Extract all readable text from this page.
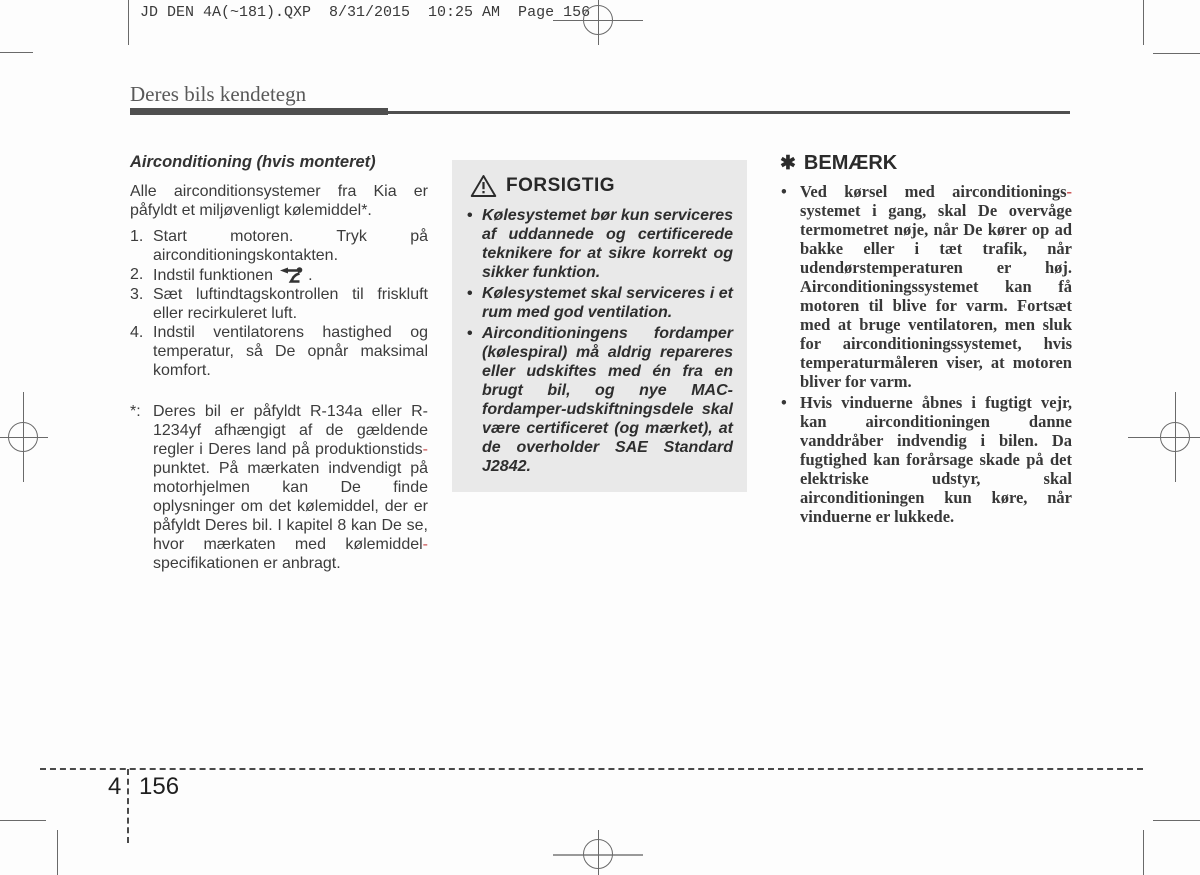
JD DEN 4A(~181).QXP  8/31/2015  10:25 AM  Page 156
Deres bils kendetegn
Airconditioning (hvis monteret)

Alle airconditionsystemer fra Kia er påfyldt et miljøvenligt kølemiddel*.

1. Start motoren. Tryk på airconditioningskontakten.
2. Indstil funktionen .
3. Sæt luftindtagskontrollen til friskluft eller recirkuleret luft.
4. Indstil ventilatorens hastighed og temperatur, så De opnår maksimal komfort.
*: Deres bil er påfyldt R-134a eller R-1234yf afhængigt af de gældende regler i Deres land på produktionstids-punktet. På mærkaten indvendigt på motorhjelmen kan De finde oplysninger om det kølemiddel, der er påfyldt Deres bil. I kapitel 8 kan De se, hvor mærkaten med kølemiddel-specifikationen er anbragt.
FORSIGTIG
• Kølesystemet bør kun serviceres af uddannede og certificerede teknikere for at sikre korrekt og sikker funktion.
• Kølesystemet skal serviceres i et rum med god ventilation.
• Airconditioningens fordamper (kølespiral) må aldrig repareres eller udskiftes med én fra en brugt bil, og nye MAC-fordamper-udskiftningsdele skal være certificeret (og mærket), at de overholder SAE Standard J2842.
✱ BEMÆRK
• Ved kørsel med airconditionings-systemet i gang, skal De overvåge termometret nøje, når De kører op ad bakke eller i tæt trafik, når udendørstemperaturen er høj. Airconditioningssystemet kan få motoren til blive for varm. Fortsæt med at bruge ventilatoren, men sluk for airconditioningssystemet, hvis temperaturmåleren viser, at motoren bliver for varm.
• Hvis vinduerne åbnes i fugtigt vejr, kan airconditioningen danne vanddråber indvendig i bilen. Da fugtighed kan forårsage skade på det elektriske udstyr, skal airconditioningen kun køre, når vinduerne er lukkede.
4 156
